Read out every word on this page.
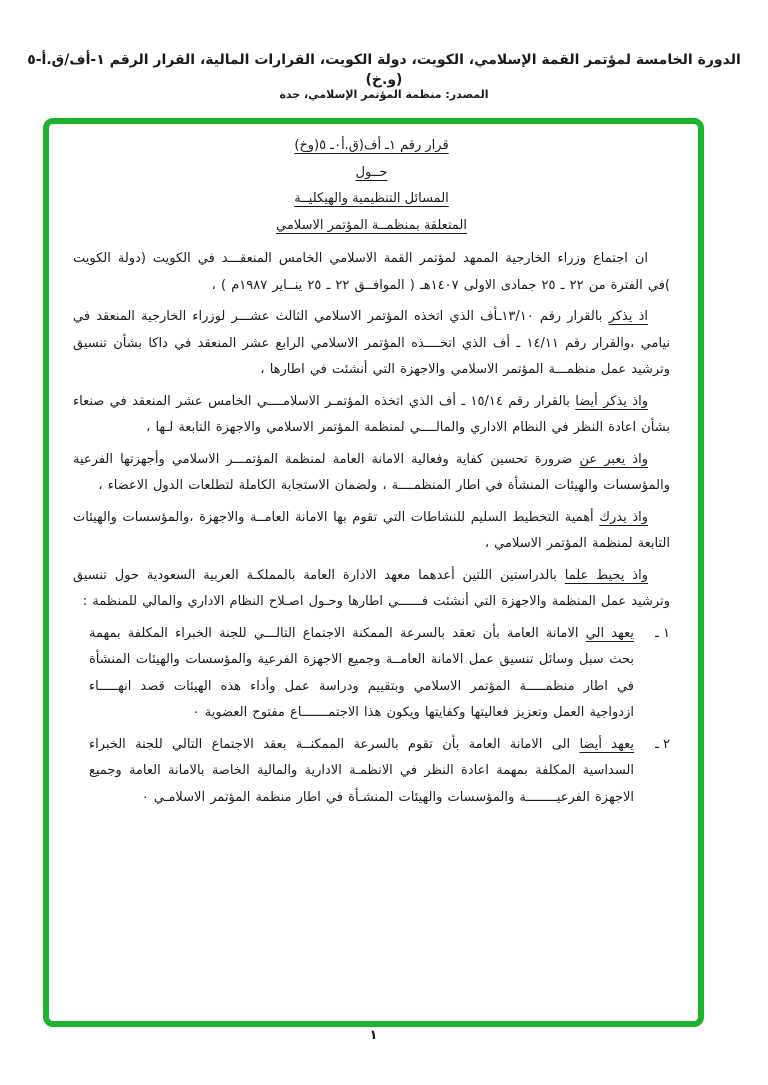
الدورة الخامسة لمؤتمر القمة الإسلامي، الكويت، دولة الكويت، القرارات المالية، القرار الرقم ١-أف/ق.أ-٥ (و.خ)
المصدر: منظمة المؤتمر الإسلامي، جدة
قرار رقم ١ـ أف(ق.أ٠ـ ٥(وخ)
حــول
المسائل التنظيمية والهيكليــة
المتعلقة بمنظمــة المؤتمر الاسلامي

ان اجتماع وزراء الخارجية الممهد لمؤتمر القمة الاسلامي الخامس المنعقـــد في الكويت (دولة الكويت )في الفترة من ٢٢ ـ ٢٥ جمادى الاولى ١٤٠٧هـ ( الموافــق ٢٢ ـ ٢٥ ينــاير ١٩٨٧م ) ،

اذ يذكر بالقرار رقم ١٣/١٠ـأف الذي اتخذه المؤتمر الاسلامي الثالث عشـــر لوزراء الخارجية المنعقد في نيامي ،والقرار رقم ١٤/١١ ـ أف الذي اتخــــذه المؤتمر الاسلامي الرابع عشر المنعقد في داكا بشأن تنسيق وترشيد عمل منظمـــة المؤتمر الاسلامي والاجهزة التي أنشئت في اطارها ،

واذ يذكر أيضا بالقرار رقم ١٥/١٤ ـ أف الذي اتخذه المؤتمـر الاسلامــــي الخامس عشر المنعقد في صنعاء بشأن اعادة النظر في النظام الاداري والمالــــي لمنظمة المؤتمر الاسلامي والاجهزة التابعة لـها ،

واذ يعبر عن ضرورة تحسين كفاية وفعالية الامانة العامة لمنظمة المؤتمـــر الاسلامي وأجهزتها الفرعية والمؤسسات والهيئات المنشأة في اطار المنظمــــة ، ولضمان الاستجابة الكاملة لتطلعات الدول الاعضاء ،

واذ يدرك أهمية التخطيط السليم للنشاطات التي تقوم بها الامانة العامــة والاجهزة ،والمؤسسات والهيئات التابعة لمنظمة المؤتمر الاسلامي ،

واذ يحيط علما بالدراستين اللتين أعدهما معهد الادارة العامة بالمملكـة العربية السعودية حول تنسيق وترشيد عمل المنظمة والاجهزة التي أنشئت فــــــي اطارها وحـول اصـلاح النظام الاداري والمالي للمنظمة :

١ ـ
يعهد الي الامانة العامة بأن تعقد بالسرعة الممكنة الاجتماع التالـــي للجنة الخبراء المكلفة بمهمة بحث سبل وسائل تنسيق عمل الامانة العامــة وجميع الاجهزة الفرعية والمؤسسات والهيئات المنشأة في اطار منظمـــــة المؤتمر الاسلامي وبتقييم ودراسة عمل وأداء هذه الهيئات قصد انهـــــاء ازدواجية العمل وتعزيز فعاليتها وكفايتها ويكون هذا الاجتمـــــــاع مفتوح العضوية ٠
٢ ـ
يعهد أيضا الى الامانة العامة بأن تقوم بالسرعة الممكنــة بعقد الاجتماع التالي للجنة الخبراء السداسية المكلفة بمهمة اعادة النظر في الانظمـة الادارية والمالية الخاصة بالامانة العامة وجميع الاجهزة الفرعيــــــــة والمؤسسات والهيئات المنشـأة في اطار منظمة المؤتمر الاسلامـي ٠
١
